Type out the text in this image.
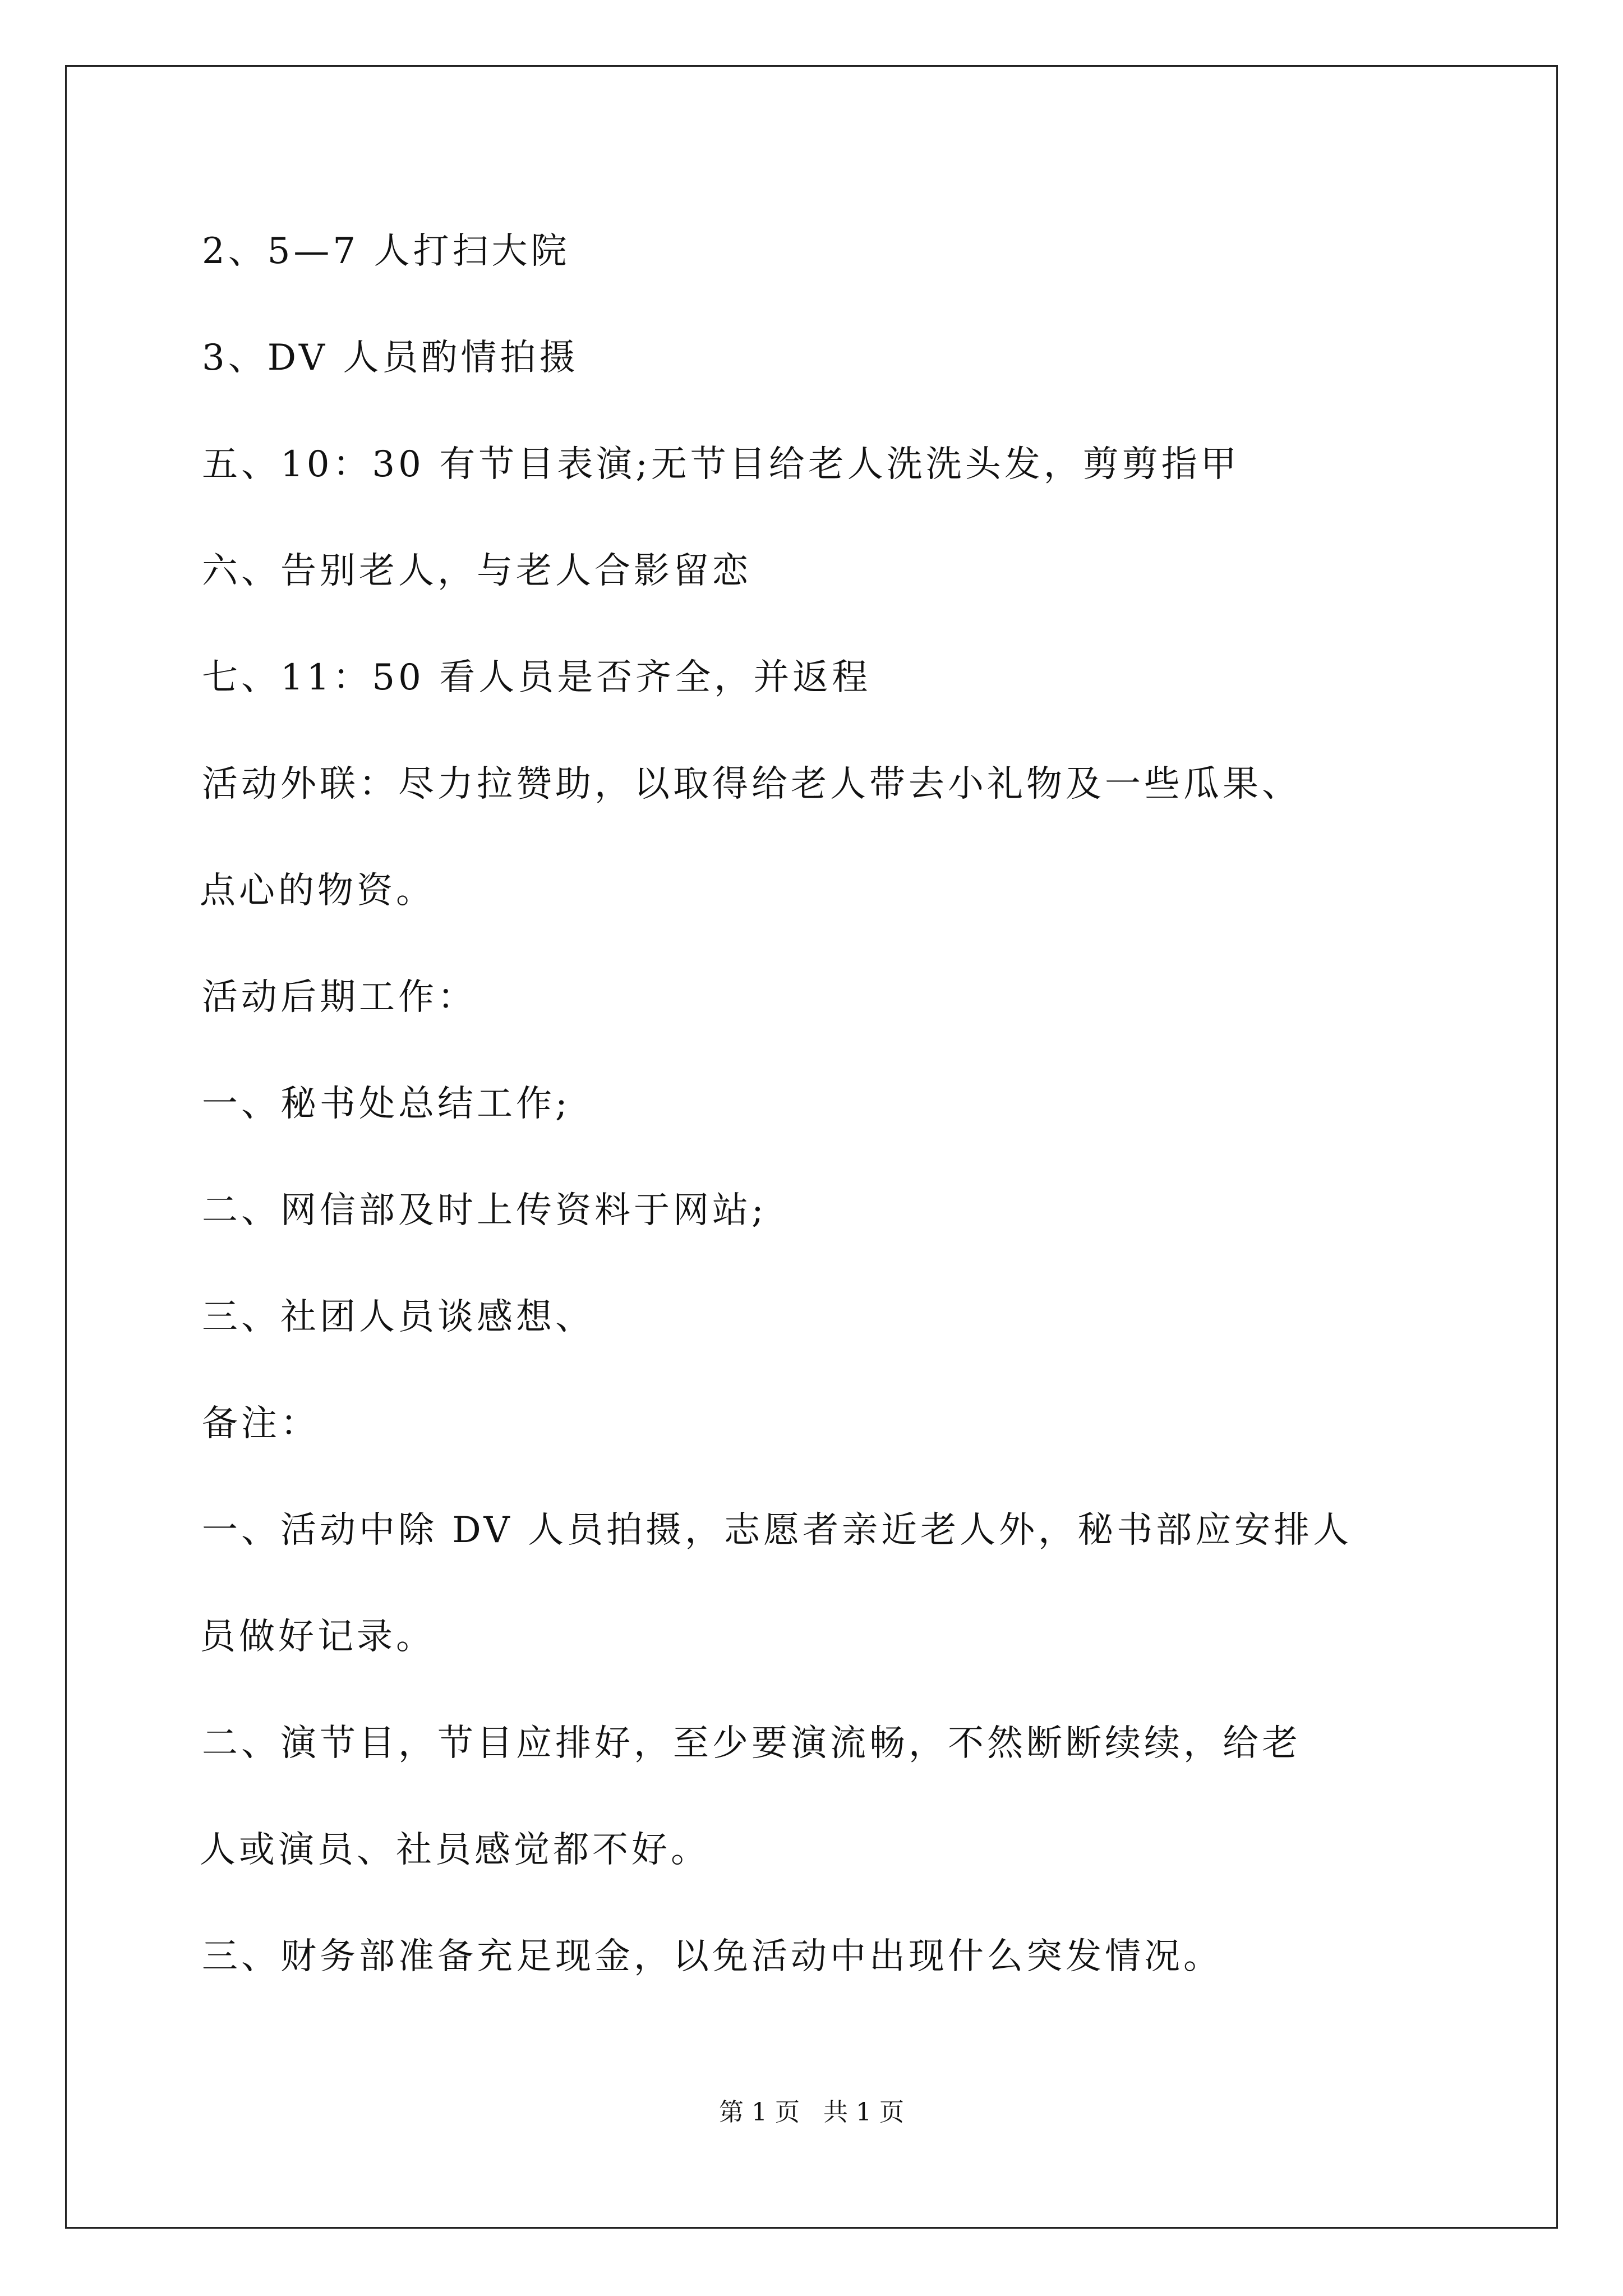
2、5—7 人打扫大院
3、DV 人员酌情拍摄
五、10：30 有节目表演;无节目给老人洗洗头发，剪剪指甲
六、告别老人，与老人合影留恋
七、11：50 看人员是否齐全，并返程
活动外联：尽力拉赞助，以取得给老人带去小礼物及一些瓜果、
点心的物资。
活动后期工作：
一、秘书处总结工作;
二、网信部及时上传资料于网站;
三、社团人员谈感想、
备注：
一、活动中除 DV 人员拍摄，志愿者亲近老人外，秘书部应安排人
员做好记录。
二、演节目，节目应排好，至少要演流畅，不然断断续续，给老
人或演员、社员感觉都不好。
三、财务部准备充足现金，以免活动中出现什么突发情况。
第 1 页   共 1 页
